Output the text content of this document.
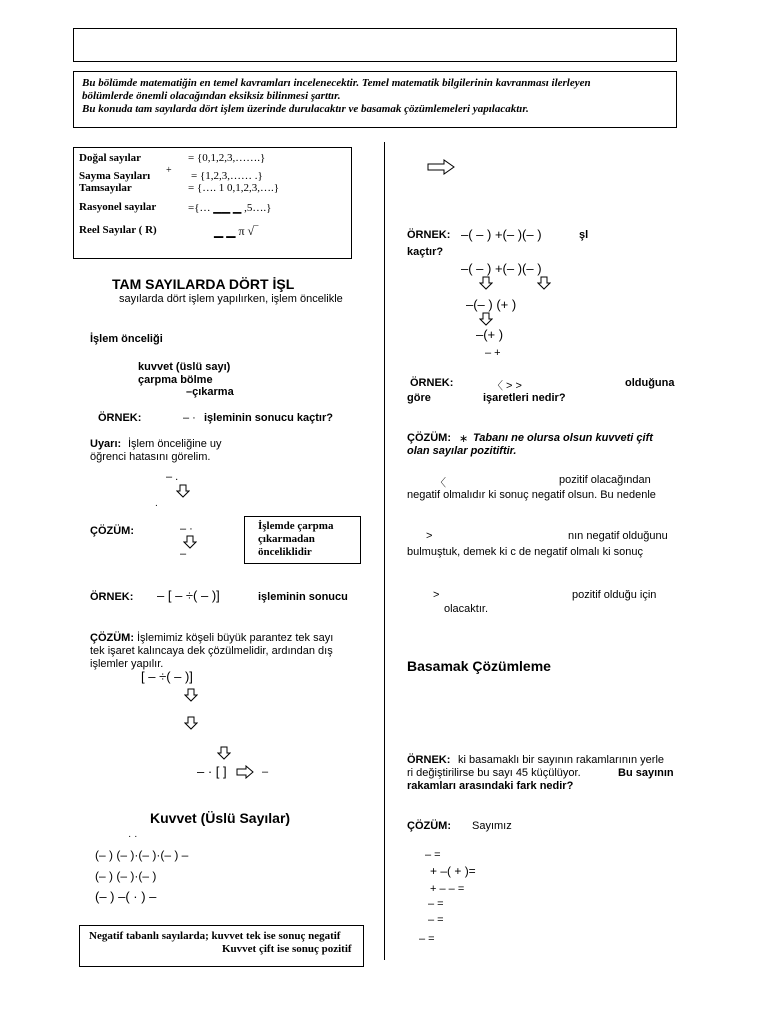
Bu bölümde matematiğin en temel kavramları incelenecektir. Temel matematik bilgilerinin kavranması ilerleyen
bölümlerde önemli olacağından eksiksiz bilinmesi şarttır.
Bu konuda tam sayılarda dört işlem üzerinde durulacaktır ve basamak çözümlemeleri yapılacaktır.
Doğal sayılar	= {0,1,2,3,…….}
+
Sayma Sayıları	= {1,2,3,…… .}
Tamsayılar	= {…. 1 0,1,2,3,….}
Rasyonel sayılar	={… ▁▁ ▁ ,5….}
Reel Sayılar ( R)	▁ ▁ π √‾
TAM SAYILARDA DÖRT İŞL
sayılarda dört işlem yapılırken, işlem öncelikle
İşlem önceliği
kuvvet (üslü sayı)
çarpma bölme
–çıkarma
ÖRNEK:	– · işleminin sonucu kaçtır?
Uyarı: İşlem önceliğine uy
öğrenci hatasını görelim.
– .
.
ÇÖZÜM:	– ·
–
İşlemde çarpma
çıkarmadan
önceliklidir
ÖRNEK: – [ – ÷( – )]	işleminin sonucu
ÇÖZÜM: İşlemimiz köşeli büyük parantez tek sayı
tek işaret kalıncaya dek çözülmelidir, ardından dış
işlemler yapılır.
[ – ÷( – )]
– · [ ]	–
Kuvvet (Üslü Sayılar)
· ·
(– ) (– )·(– )·(– ) –
(– ) (– )·(– )
(– ) –( · ) –
Negatif tabanlı sayılarda; kuvvet tek ise sonuç negatif
Kuvvet çift ise sonuç pozitif
ÖRNEK: –( – ) +(– )(– )	şl
kaçtır?
–( – ) +(– )(– )
–(– ) (+ )
–(+ )
– +
ÖRNEK:	〈 > >	olduğuna
göre	işaretleri nedir?
ÇÖZÜM: ∗ Tabanı ne olursa olsun kuvveti çift
olan sayılar pozitiftir.
〈	pozitif olacağından
negatif olmalıdır ki sonuç negatif olsun. Bu nedenle
>	nın negatif olduğunu
bulmuştuk, demek ki c de negatif olmalı ki sonuç
>	pozitif olduğu için
olacaktır.
Basamak Çözümleme
ÖRNEK: ki basamaklı bir sayının rakamlarının yerle
ri değiştirilirse bu sayı 45 küçülüyor.	Bu sayının
rakamları arasındaki fark nedir?
ÇÖZÜM: Sayımız
– =
+ –( + )=
+ – – =
– =
– =
– =
